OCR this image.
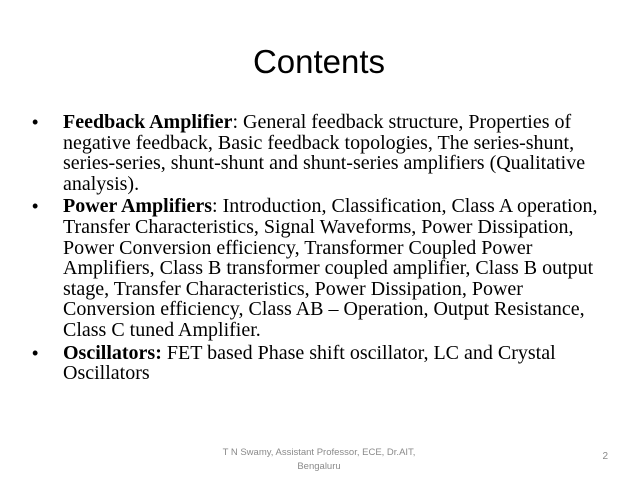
Contents
• Feedback Amplifier: General feedback structure, Properties of negative feedback, Basic feedback topologies, The series-shunt, series-series, shunt-shunt and shunt-series amplifiers (Qualitative analysis).
• Power Amplifiers: Introduction, Classification, Class A operation, Transfer Characteristics, Signal Waveforms, Power Dissipation, Power Conversion efficiency, Transformer Coupled Power Amplifiers, Class B transformer coupled amplifier, Class B output stage, Transfer Characteristics, Power Dissipation, Power Conversion efficiency, Class AB – Operation, Output Resistance, Class C tuned Amplifier.
• Oscillators: FET based Phase shift oscillator, LC and Crystal Oscillators
T N Swamy, Assistant Professor, ECE, Dr.AIT,
Bengaluru
2
